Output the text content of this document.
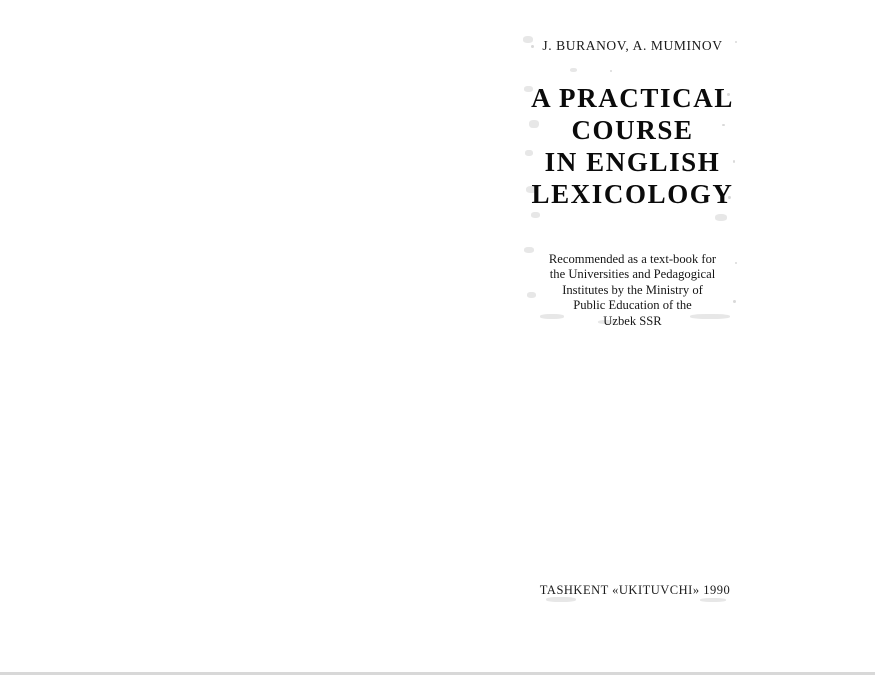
J. BURANOV, A. MUMINOV

A PRACTICAL
COURSE
IN ENGLISH
LEXICOLOGY

Recommended as a text-book for
the Universities and Pedagogical
Institutes by the Ministry of
Public Education of the
Uzbek SSR

TASHKENT «UKITUVCHI» 1990
